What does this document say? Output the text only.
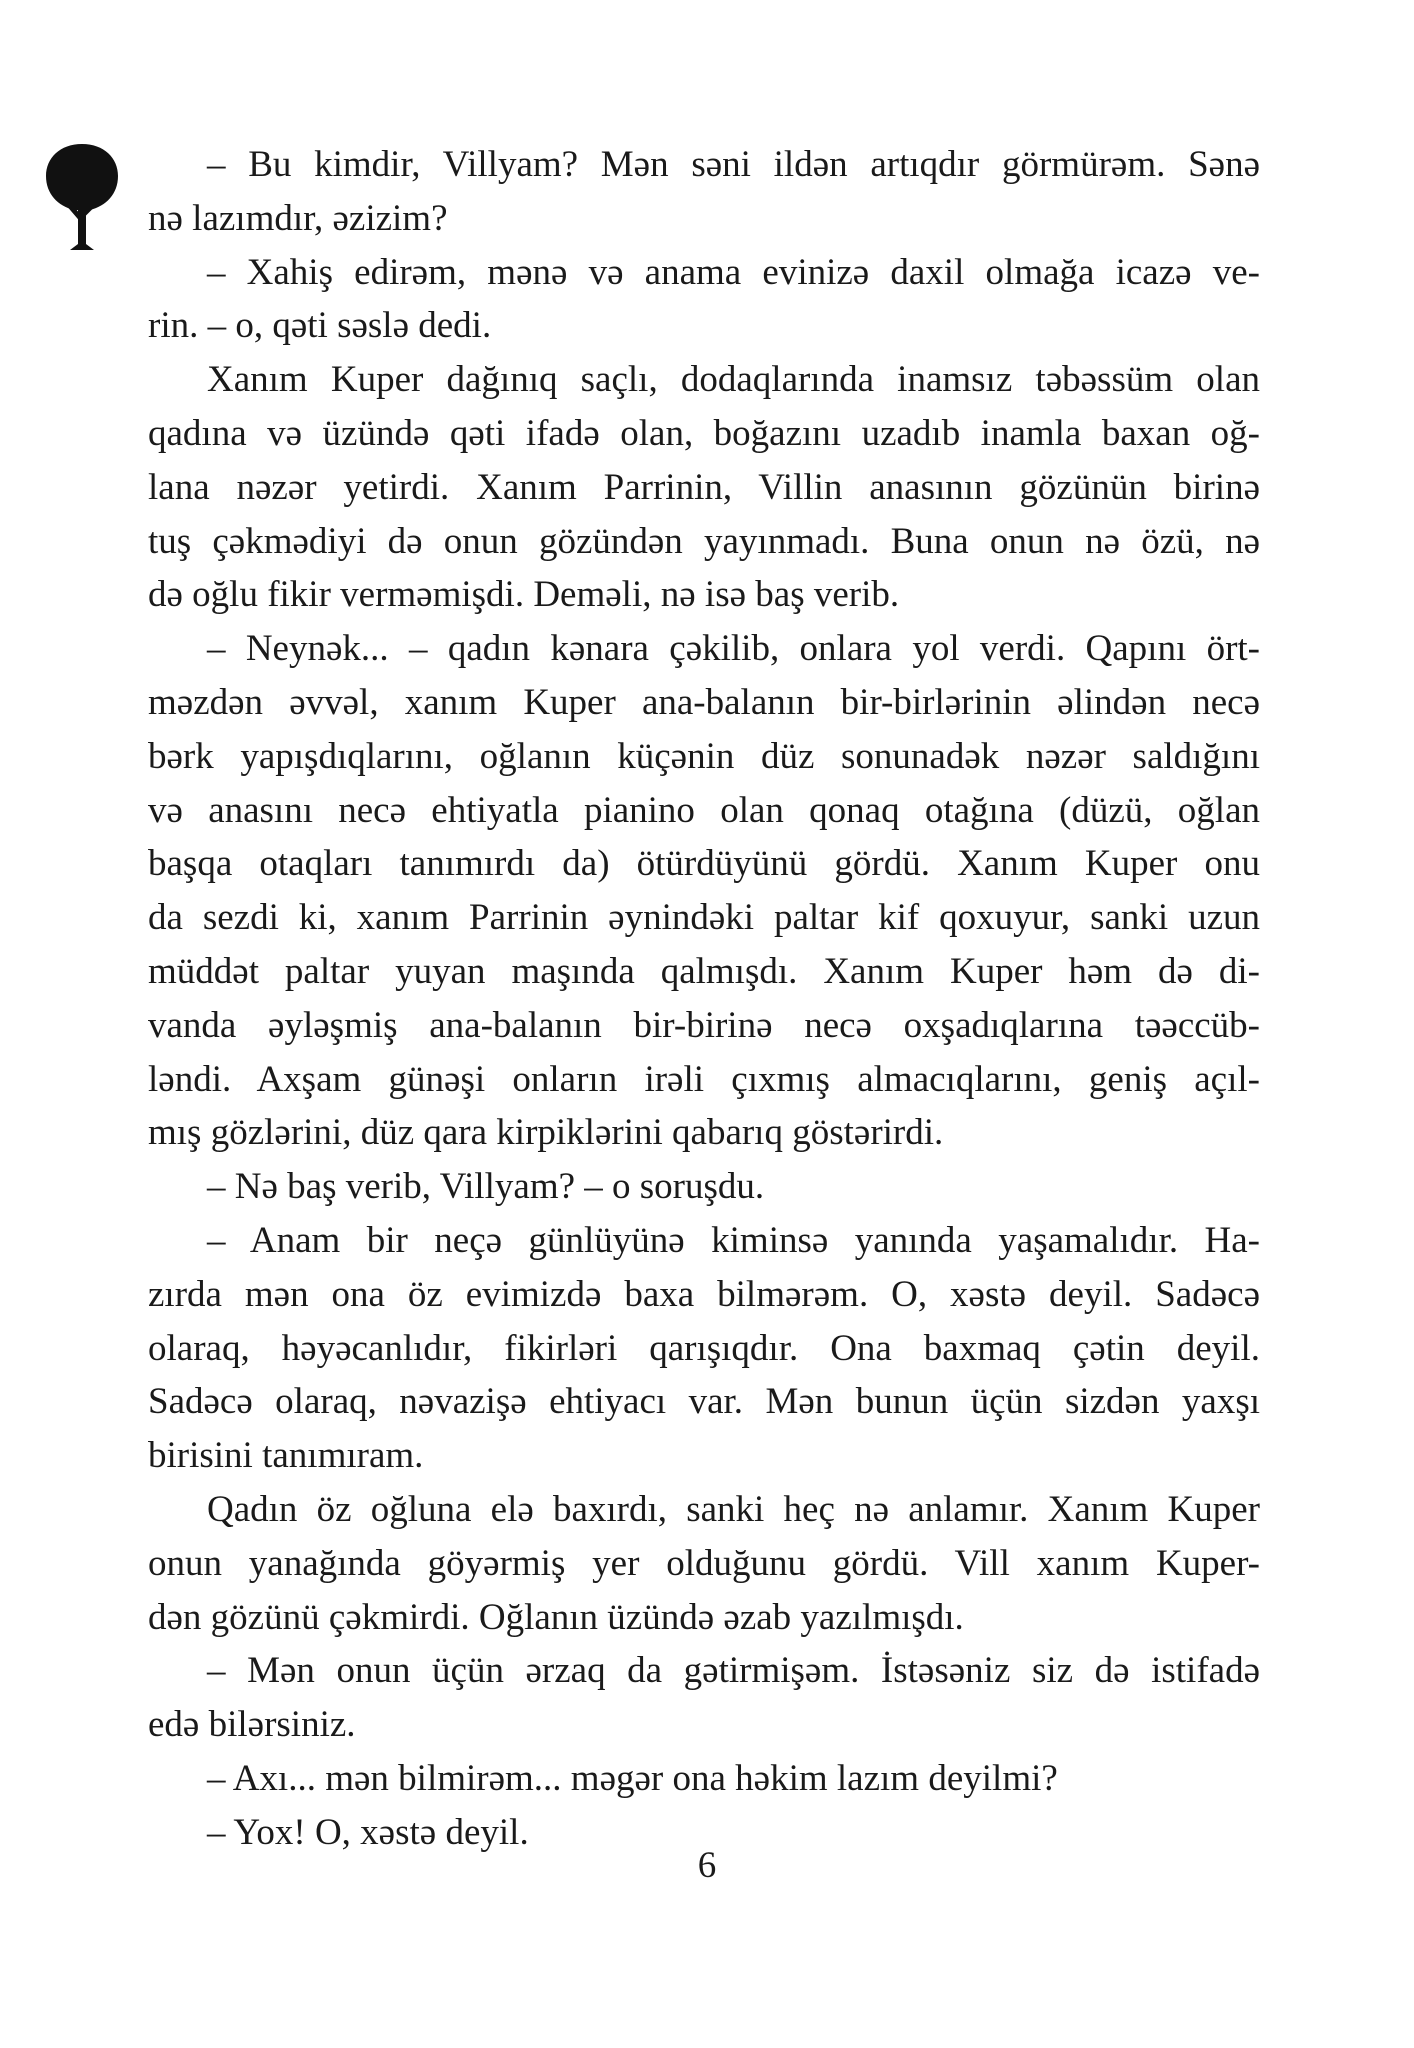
– Bu kimdir, Villyam? Mən səni ildən artıqdır görmürəm. Sənə
nə lazımdır, əzizim?
– Xahiş edirəm, mənə və anama evinizə daxil olmağa icazə ve-
rin. – o, qəti səslə dedi.
Xanım Kuper dağınıq saçlı, dodaqlarında inamsız təbəssüm olan
qadına və üzündə qəti ifadə olan, boğazını uzadıb inamla baxan oğ-
lana nəzər yetirdi. Xanım Parrinin, Villin anasının gözünün birinə
tuş çəkmədiyi də onun gözündən yayınmadı. Buna onun nə özü, nə
də oğlu fikir verməmişdi. Deməli, nə isə baş verib.
– Neynək... – qadın kənara çəkilib, onlara yol verdi. Qapını ört-
məzdən əvvəl, xanım Kuper ana-balanın bir-birlərinin əlindən necə
bərk yapışdıqlarını, oğlanın küçənin düz sonunadək nəzər saldığını
və anasını necə ehtiyatla pianino olan qonaq otağına (düzü, oğlan
başqa otaqları tanımırdı da) ötürdüyünü gördü. Xanım Kuper onu
da sezdi ki, xanım Parrinin əynindəki paltar kif qoxuyur, sanki uzun
müddət paltar yuyan maşında qalmışdı. Xanım Kuper həm də di-
vanda əyləşmiş ana-balanın bir-birinə necə oxşadıqlarına təəccüb-
ləndi. Axşam günəşi onların irəli çıxmış almacıqlarını, geniş açıl-
mış gözlərini, düz qara kirpiklərini qabarıq göstərirdi.
– Nə baş verib, Villyam? – o soruşdu.
– Anam bir neçə günlüyünə kiminsə yanında yaşamalıdır. Ha-
zırda mən ona öz evimizdə baxa bilmərəm. O, xəstə deyil. Sadəcə
olaraq, həyəcanlıdır, fikirləri qarışıqdır. Ona baxmaq çətin deyil.
Sadəcə olaraq, nəvazişə ehtiyacı var. Mən bunun üçün sizdən yaxşı
birisini tanımıram.
Qadın öz oğluna elə baxırdı, sanki heç nə anlamır. Xanım Kuper
onun yanağında göyərmiş yer olduğunu gördü. Vill xanım Kuper-
dən gözünü çəkmirdi. Oğlanın üzündə əzab yazılmışdı.
– Mən onun üçün ərzaq da gətirmişəm. İstəsəniz siz də istifadə
edə bilərsiniz.
– Axı... mən bilmirəm... məgər ona həkim lazım deyilmi?
– Yox! O, xəstə deyil.
6
